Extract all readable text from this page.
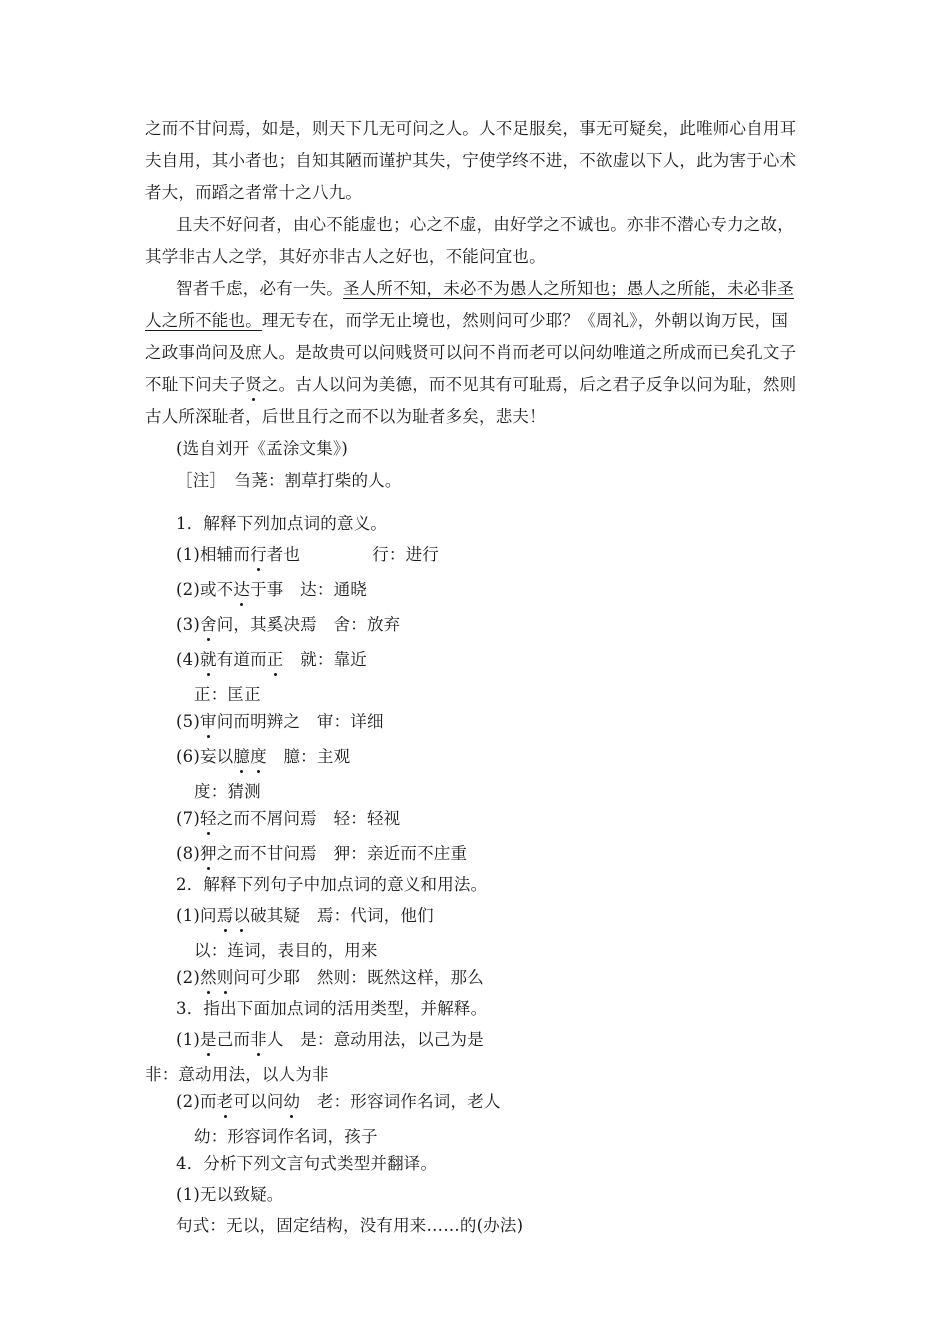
之而不甘问焉，如是，则天下几无可问之人。人不足服矣，事无可疑矣，此唯师心自用耳
夫自用，其小者也；自知其陋而谨护其失，宁使学终不进，不欲虚以下人，此为害于心术
者大，而蹈之者常十之八九。
且夫不好问者，由心不能虚也；心之不虚，由好学之不诚也。亦非不潜心专力之故，
其学非古人之学，其好亦非古人之好也，不能问宜也。
智者千虑，必有一失。圣人所不知，未必不为愚人之所知也；愚人之所能，未必非圣
人之所不能也。理无专在，而学无止境也，然则问可少耶？《周礼》，外朝以询万民，国
之政事尚问及庶人。是故贵可以问贱贤可以问不肖而老可以问幼唯道之所成而已矣孔文子
不耻下问夫子贤之。古人以问为美德，而不见其有可耻焉，后之君子反争以问为耻，然则
古人所深耻者，后世且行之而不以为耻者多矣，悲夫！
(选自刘开《孟涂文集》)
［注］　刍荛：割草打柴的人。
1．解释下列加点词的意义。
(1)相辅而行者也	行：进行
(2)或不达于事　达：通晓
(3)舍问，其奚决焉　舍：放弃
(4)就有道而正　就：靠近
正：匡正
(5)审问而明辨之　审：详细
(6)妄以臆度　臆：主观
度：猜测
(7)轻之而不屑问焉　轻：轻视
(8)狎之而不甘问焉　狎：亲近而不庄重
2．解释下列句子中加点词的意义和用法。
(1)问焉以破其疑　焉：代词，他们
以：连词，表目的，用来
(2)然则问可少耶　然则：既然这样，那么
3．指出下面加点词的活用类型，并解释。
(1)是己而非人　是：意动用法，以己为是
非：意动用法，以人为非
(2)而老可以问幼　老：形容词作名词，老人
幼：形容词作名词，孩子
4．分析下列文言句式类型并翻译。
(1)无以致疑。
句式：无以，固定结构，没有用来……的(办法)
